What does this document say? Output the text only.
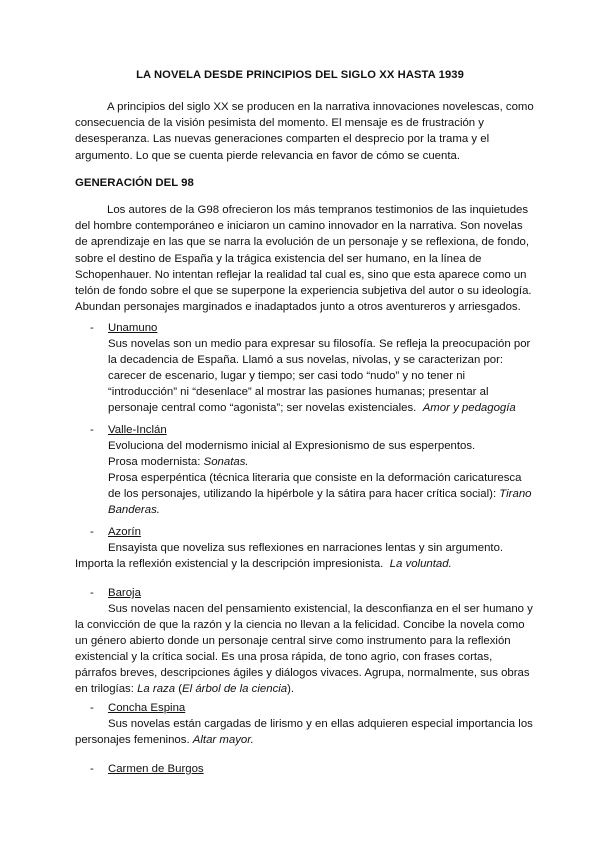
LA NOVELA DESDE PRINCIPIOS DEL SIGLO XX HASTA 1939
A principios del siglo XX se producen en la narrativa innovaciones novelescas, como consecuencia de la visión pesimista del momento. El mensaje es de frustración y desesperanza. Las nuevas generaciones comparten el desprecio por la trama y el argumento. Lo que se cuenta pierde relevancia en favor de cómo se cuenta.
GENERACIÓN DEL 98
Los autores de la G98 ofrecieron los más tempranos testimonios de las inquietudes del hombre contemporáneo e iniciaron un camino innovador en la narrativa. Son novelas de aprendizaje en las que se narra la evolución de un personaje y se reflexiona, de fondo, sobre el destino de España y la trágica existencia del ser humano, en la línea de Schopenhauer. No intentan reflejar la realidad tal cual es, sino que esta aparece como un telón de fondo sobre el que se superpone la experiencia subjetiva del autor o su ideología. Abundan personajes marginados e inadaptados junto a otros aventureros y arriesgados.
-	Unamuno
Sus novelas son un medio para expresar su filosofía. Se refleja la preocupación por la decadencia de España. Llamó a sus novelas, nivolas, y se caracterizan por: carecer de escenario, lugar y tiempo; ser casi todo “nudo” y no tener ni “introducción” ni “desenlace” al mostrar las pasiones humanas; presentar al personaje central como “agonista”; ser novelas existenciales. Amor y pedagogía
-	Valle-Inclán
Evoluciona del modernismo inicial al Expresionismo de sus esperpentos.
Prosa modernista: Sonatas.
Prosa esperpéntica (técnica literaria que consiste en la deformación caricaturesca de los personajes, utilizando la hipérbole y la sátira para hacer crítica social): Tirano Banderas.
-	Azorín
Ensayista que noveliza sus reflexiones en narraciones lentas y sin argumento. Importa la reflexión existencial y la descripción impresionista. La voluntad.
-	Baroja
Sus novelas nacen del pensamiento existencial, la desconfianza en el ser humano y la convicción de que la razón y la ciencia no llevan a la felicidad. Concibe la novela como un género abierto donde un personaje central sirve como instrumento para la reflexión existencial y la crítica social. Es una prosa rápida, de tono agrio, con frases cortas, párrafos breves, descripciones ágiles y diálogos vivaces. Agrupa, normalmente, sus obras en trilogías: La raza (El árbol de la ciencia).
-	Concha Espina
Sus novelas están cargadas de lirismo y en ellas adquieren especial importancia los personajes femeninos. Altar mayor.
-	Carmen de Burgos
